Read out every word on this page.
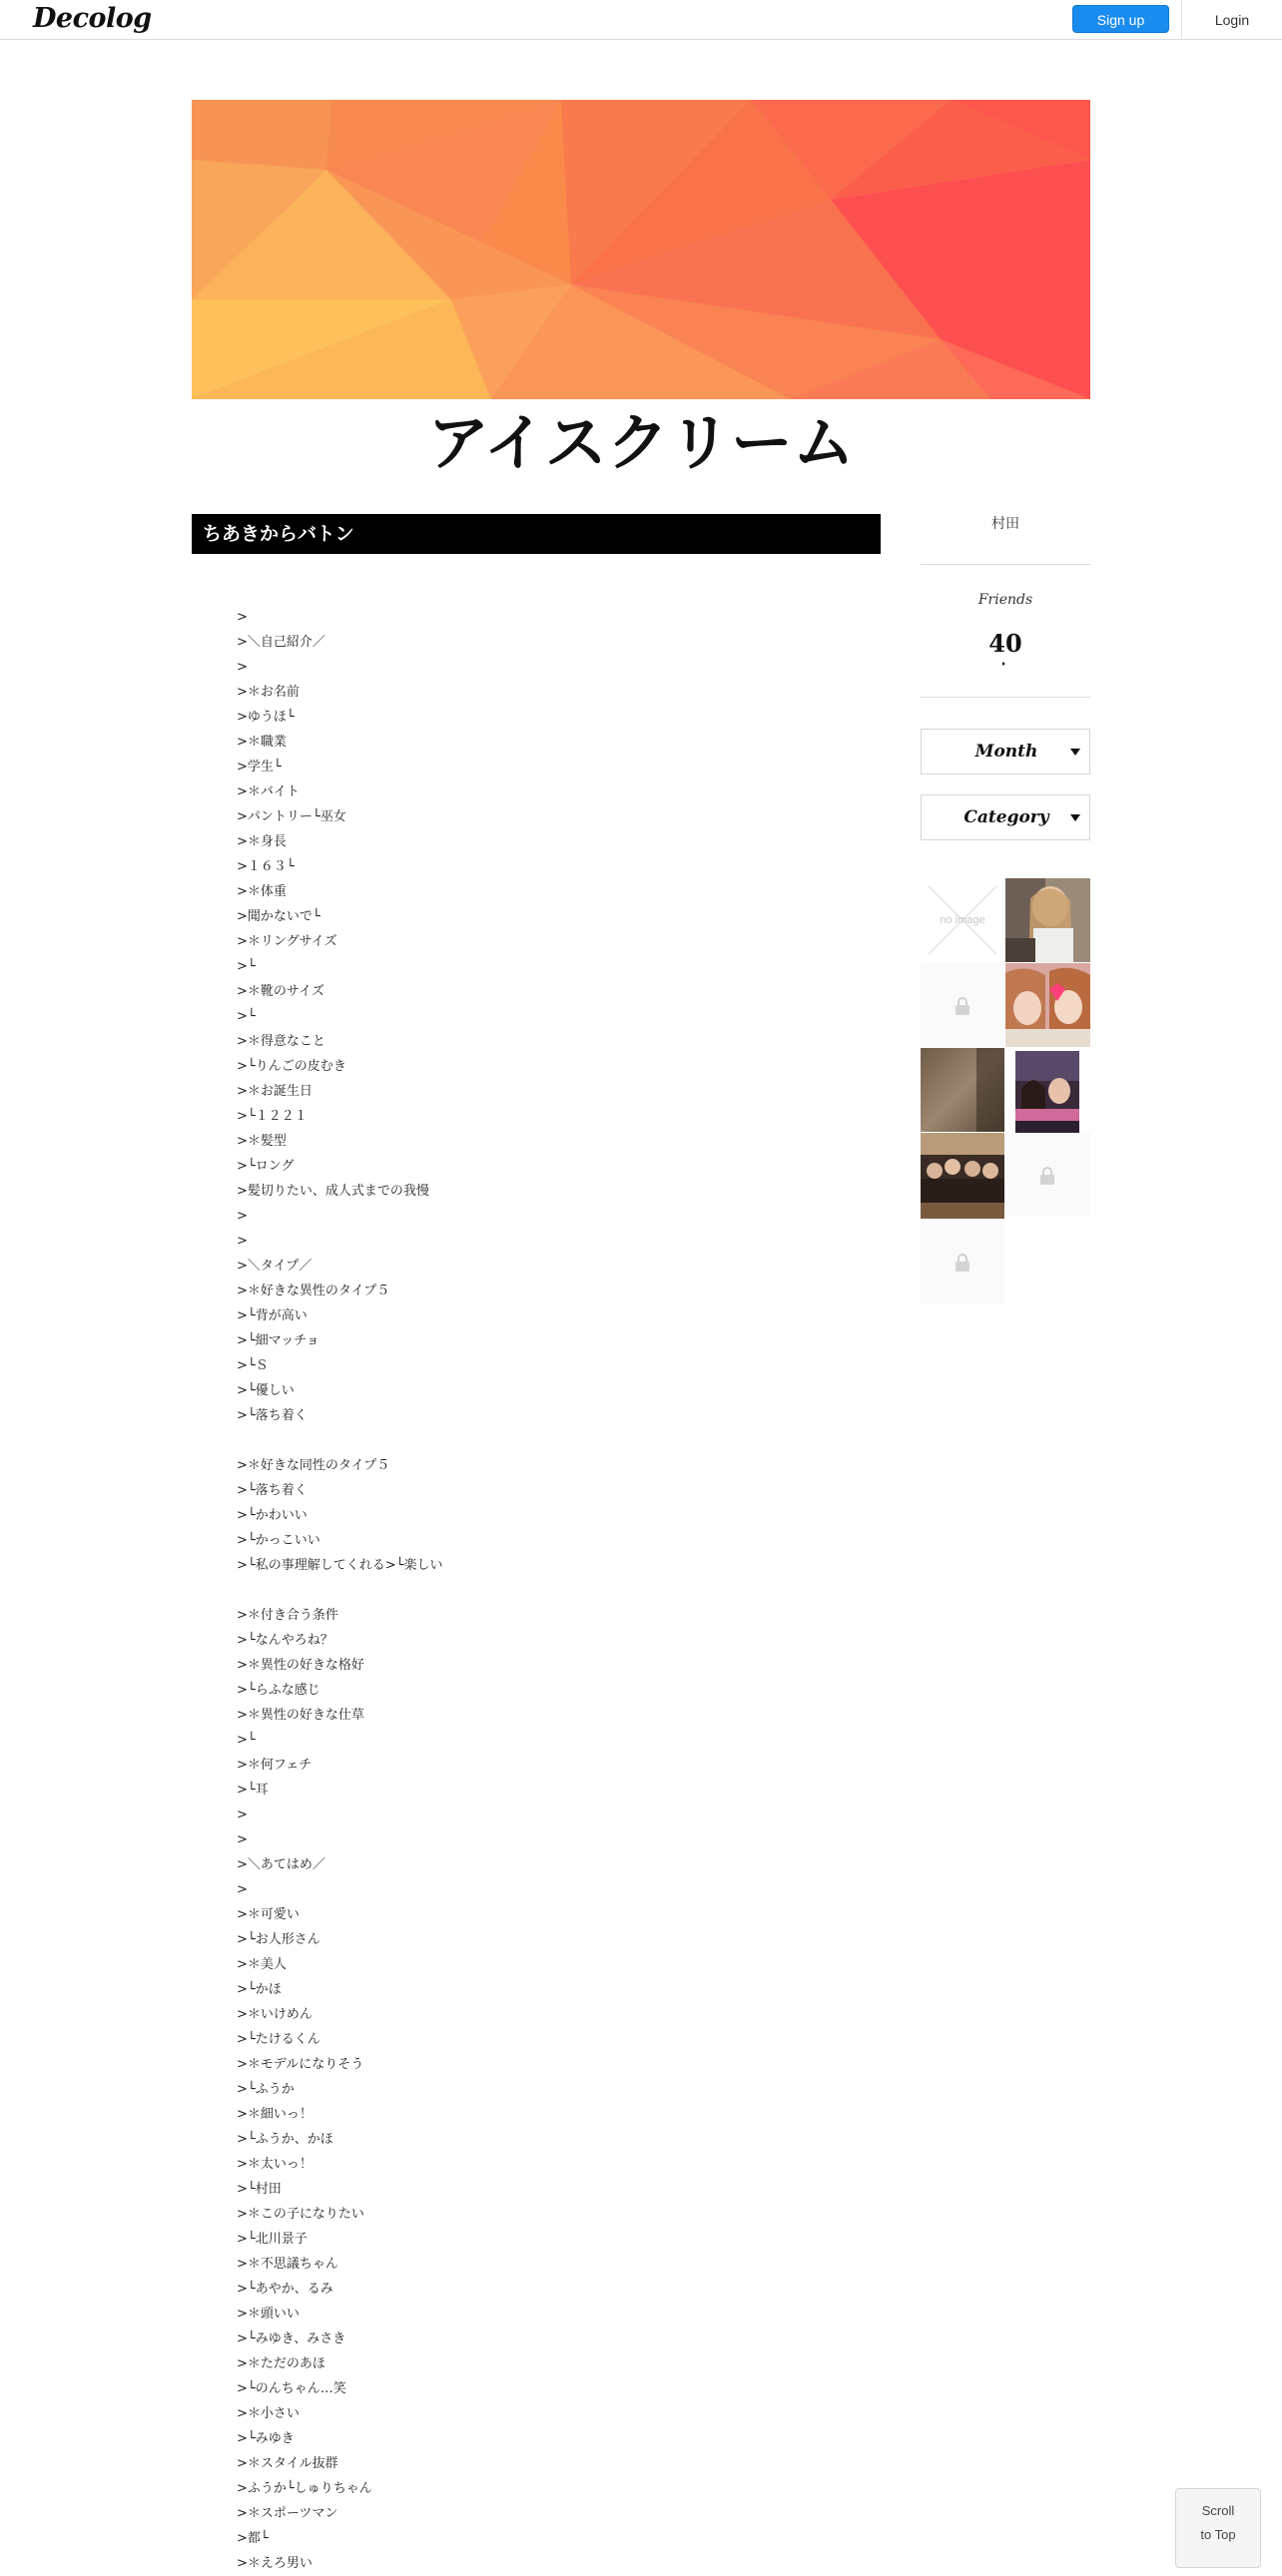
Decolog	Sign up	Login
アイスクリーム
ちあきからバトン
>
>＼自己紹介／
>
>＊お名前
>ゆうほ└
>＊職業
>学生└
>＊バイト
>パントリー└巫女
>＊身長
>１６３└
>＊体重
>聞かないで└
>＊リングサイズ
>└
>＊靴のサイズ
>└
>＊得意なこと
>└りんごの皮むき
>＊お誕生日
>└１２２１
>＊髪型
>└ロング
>髪切りたい、成人式までの我慢
>
>
>＼タイプ／
>＊好きな異性のタイプ５
>└背が高い
>└細マッチョ
>└Ｓ
>└優しい
>└落ち着く
>＊好きな同性のタイプ５
>└落ち着く
>└かわいい
>└かっこいい
>└私の事理解してくれる>└楽しい
>＊付き合う条件
>└なんやろね？
>＊異性の好きな格好
>└らふな感じ
>＊異性の好きな仕草
>└
>＊何フェチ
>└耳
>
>
>＼あてはめ／
>
>＊可愛い
>└お人形さん
>＊美人
>└かほ
>＊いけめん
>└たけるくん
>＊モデルになりそう
>└ふうか
>＊細いっ！
>└ふうか、かほ
>＊太いっ！
>└村田
>＊この子になりたい
>└北川景子
>＊不思議ちゃん
>└あやか、るみ
>＊頭いい
>└みゆき、みさき
>＊ただのあほ
>└のんちゃん…笑
>＊小さい
>└みゆき
>＊スタイル抜群
>ふうか└しゅりちゃん
>＊スポーツマン
>都└
>＊えろ男い
村田
Friends
40
Month
Category
no image
Scroll
to Top
